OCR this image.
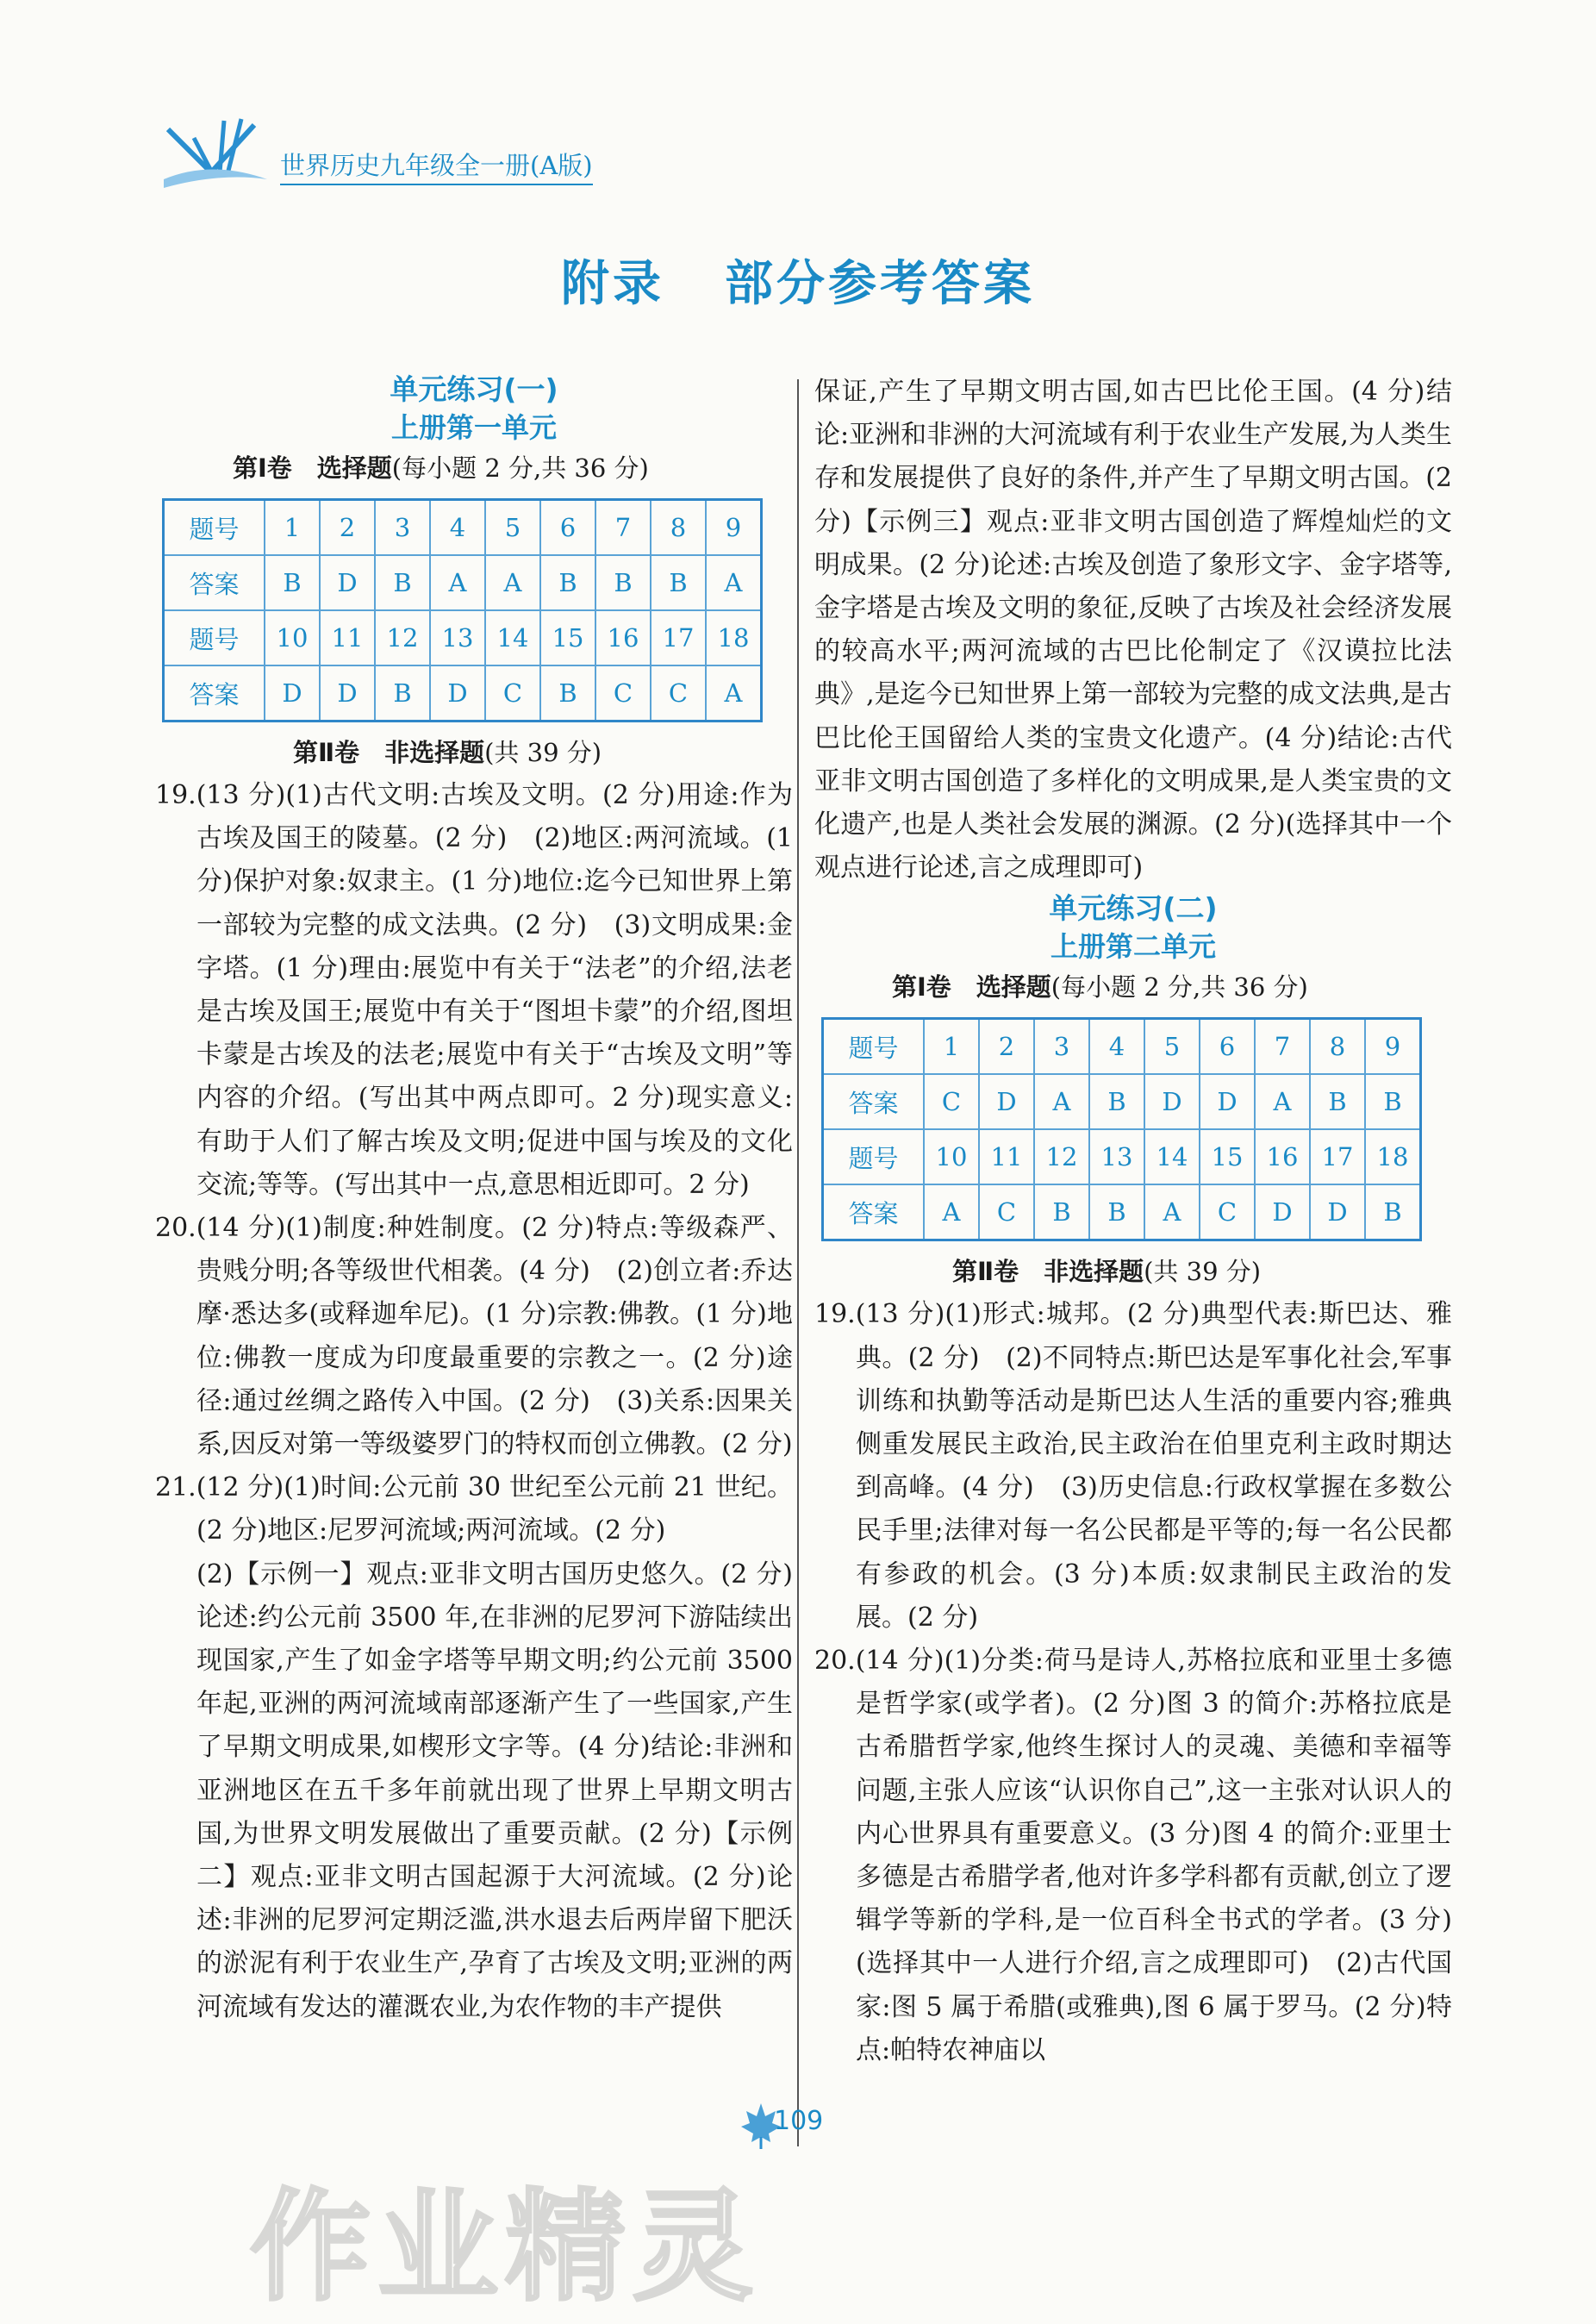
世界历史九年级全一册(A版)
附录 部分参考答案
单元练习(一)
上册第一单元
第Ⅰ卷　选择题(每小题 2 分,共 36 分)
题号	1	2	3	4	5	6	7	8	9
答案	B	D	B	A	A	B	B	B	A
题号	10	11	12	13	14	15	16	17	18
答案	D	D	B	D	C	B	C	C	A
第Ⅱ卷　非选择题(共 39 分)

19.(13 分)(1)古代文明:古埃及文明。(2 分)用途:作为古埃及国王的陵墓。(2 分)　(2)地区:两河流域。(1 分)保护对象:奴隶主。(1 分)地位:迄今已知世界上第一部较为完整的成文法典。(2 分)　(3)文明成果:金字塔。(1 分)理由:展览中有关于“法老”的介绍,法老是古埃及国王;展览中有关于“图坦卡蒙”的介绍,图坦卡蒙是古埃及的法老;展览中有关于“古埃及文明”等内容的介绍。(写出其中两点即可。2 分)现实意义:有助于人们了解古埃及文明;促进中国与埃及的文化交流;等等。(写出其中一点,意思相近即可。2 分)

20.(14 分)(1)制度:种姓制度。(2 分)特点:等级森严、贵贱分明;各等级世代相袭。(4 分)　(2)创立者:乔达摩·悉达多(或释迦牟尼)。(1 分)宗教:佛教。(1 分)地位:佛教一度成为印度最重要的宗教之一。(2 分)途径:通过丝绸之路传入中国。(2 分)　(3)关系:因果关系,因反对第一等级婆罗门的特权而创立佛教。(2 分)

21.(12 分)(1)时间:公元前 30 世纪至公元前 21 世纪。(2 分)地区:尼罗河流域;两河流域。(2 分)

(2)【示例一】观点:亚非文明古国历史悠久。(2 分)论述:约公元前 3500 年,在非洲的尼罗河下游陆续出现国家,产生了如金字塔等早期文明;约公元前 3500 年起,亚洲的两河流域南部逐渐产生了一些国家,产生了早期文明成果,如楔形文字等。(4 分)结论:非洲和亚洲地区在五千多年前就出现了世界上早期文明古国,为世界文明发展做出了重要贡献。(2 分)【示例二】观点:亚非文明古国起源于大河流域。(2 分)论述:非洲的尼罗河定期泛滥,洪水退去后两岸留下肥沃的淤泥有利于农业生产,孕育了古埃及文明;亚洲的两河流域有发达的灌溉农业,为农作物的丰产提供

保证,产生了早期文明古国,如古巴比伦王国。(4 分)结论:亚洲和非洲的大河流域有利于农业生产发展,为人类生存和发展提供了良好的条件,并产生了早期文明古国。(2 分)【示例三】观点:亚非文明古国创造了辉煌灿烂的文明成果。(2 分)论述:古埃及创造了象形文字、金字塔等,金字塔是古埃及文明的象征,反映了古埃及社会经济发展的较高水平;两河流域的古巴比伦制定了《汉谟拉比法典》,是迄今已知世界上第一部较为完整的成文法典,是古巴比伦王国留给人类的宝贵文化遗产。(4 分)结论:古代亚非文明古国创造了多样化的文明成果,是人类宝贵的文化遗产,也是人类社会发展的渊源。(2 分)(选择其中一个观点进行论述,言之成理即可)

单元练习(二)
上册第二单元
第Ⅰ卷　选择题(每小题 2 分,共 36 分)
题号	1	2	3	4	5	6	7	8	9
答案	C	D	A	B	D	D	A	B	B
题号	10	11	12	13	14	15	16	17	18
答案	A	C	B	B	A	C	D	D	B
第Ⅱ卷　非选择题(共 39 分)

19.(13 分)(1)形式:城邦。(2 分)典型代表:斯巴达、雅典。(2 分)　(2)不同特点:斯巴达是军事化社会,军事训练和执勤等活动是斯巴达人生活的重要内容;雅典侧重发展民主政治,民主政治在伯里克利主政时期达到高峰。(4 分)　(3)历史信息:行政权掌握在多数公民手里;法律对每一名公民都是平等的;每一名公民都有参政的机会。(3 分)本质:奴隶制民主政治的发展。(2 分)

20.(14 分)(1)分类:荷马是诗人,苏格拉底和亚里士多德是哲学家(或学者)。(2 分)图 3 的简介:苏格拉底是古希腊哲学家,他终生探讨人的灵魂、美德和幸福等问题,主张人应该“认识你自己”,这一主张对认识人的内心世界具有重要意义。(3 分)图 4 的简介:亚里士多德是古希腊学者,他对许多学科都有贡献,创立了逻辑学等新的学科,是一位百科全书式的学者。(3 分)(选择其中一人进行介绍,言之成理即可)　(2)古代国家:图 5 属于希腊(或雅典),图 6 属于罗马。(2 分)特点:帕特农神庙以

109
作业精灵
